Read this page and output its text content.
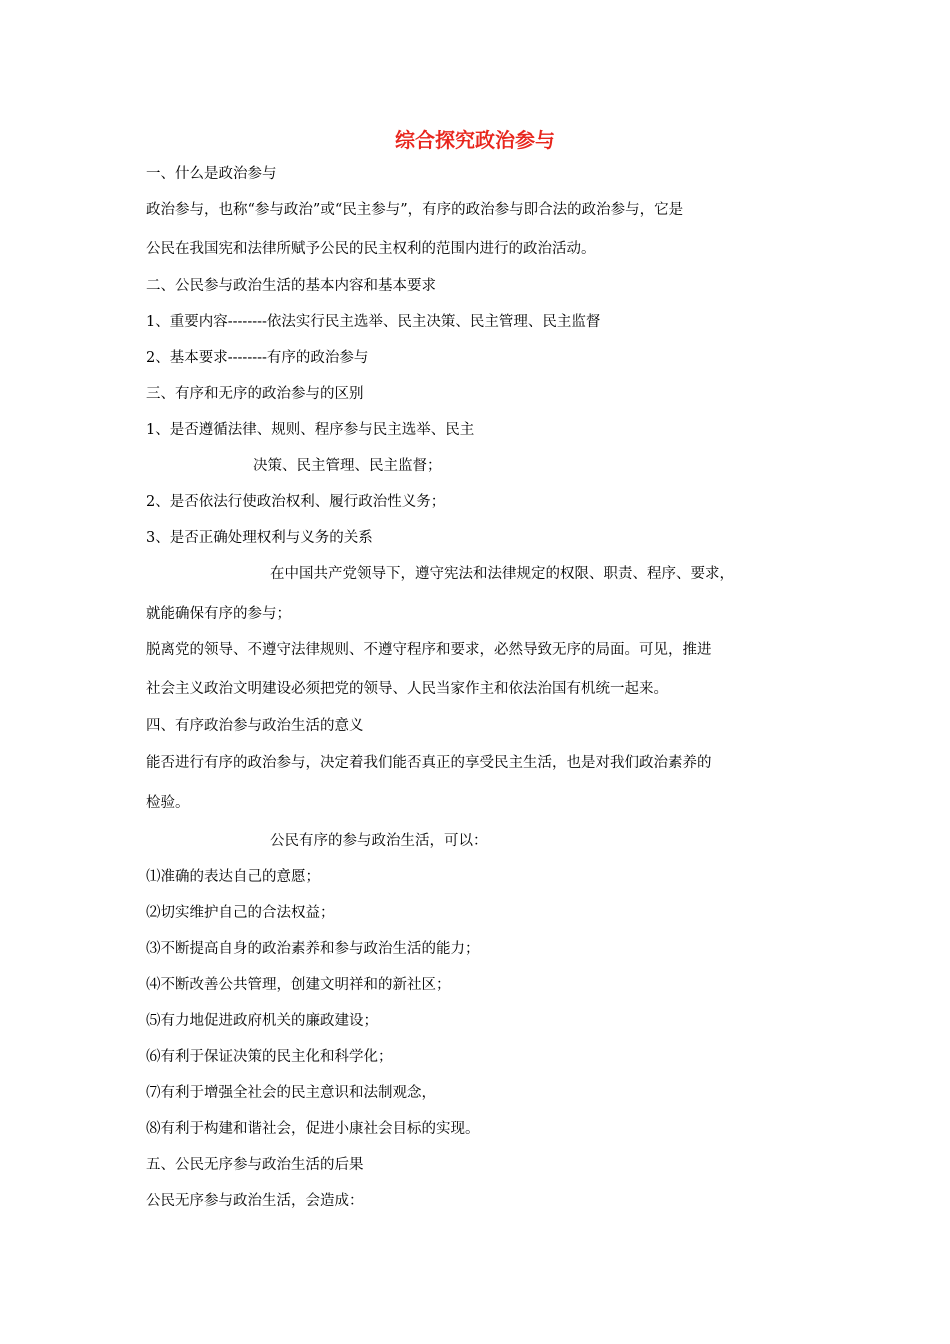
综合探究政治参与
一、什么是政治参与
政治参与，也称“参与政治”或“民主参与”，有序的政治参与即合法的政治参与，它是
公民在我国宪和法律所赋予公民的民主权利的范围内进行的政治活动。
二、公民参与政治生活的基本内容和基本要求
1、重要内容--------依法实行民主选举、民主决策、民主管理、民主监督
2、基本要求--------有序的政治参与
三、有序和无序的政治参与的区别
1、是否遵循法律、规则、程序参与民主选举、民主
决策、民主管理、民主监督；
2、是否依法行使政治权利、履行政治性义务；
3、是否正确处理权利与义务的关系
在中国共产党领导下，遵守宪法和法律规定的权限、职责、程序、要求，
就能确保有序的参与；
脱离党的领导、不遵守法律规则、不遵守程序和要求，必然导致无序的局面。可见，推进
社会主义政治文明建设必须把党的领导、人民当家作主和依法治国有机统一起来。
四、有序政治参与政治生活的意义
能否进行有序的政治参与，决定着我们能否真正的享受民主生活，也是对我们政治素养的
检验。
公民有序的参与政治生活，可以：
⑴准确的表达自己的意愿；
⑵切实维护自己的合法权益；
⑶不断提高自身的政治素养和参与政治生活的能力；
⑷不断改善公共管理，创建文明祥和的新社区；
⑸有力地促进政府机关的廉政建设；
⑹有利于保证决策的民主化和科学化；
⑺有利于增强全社会的民主意识和法制观念，
⑻有利于构建和谐社会，促进小康社会目标的实现。
五、公民无序参与政治生活的后果
公民无序参与政治生活，会造成：
